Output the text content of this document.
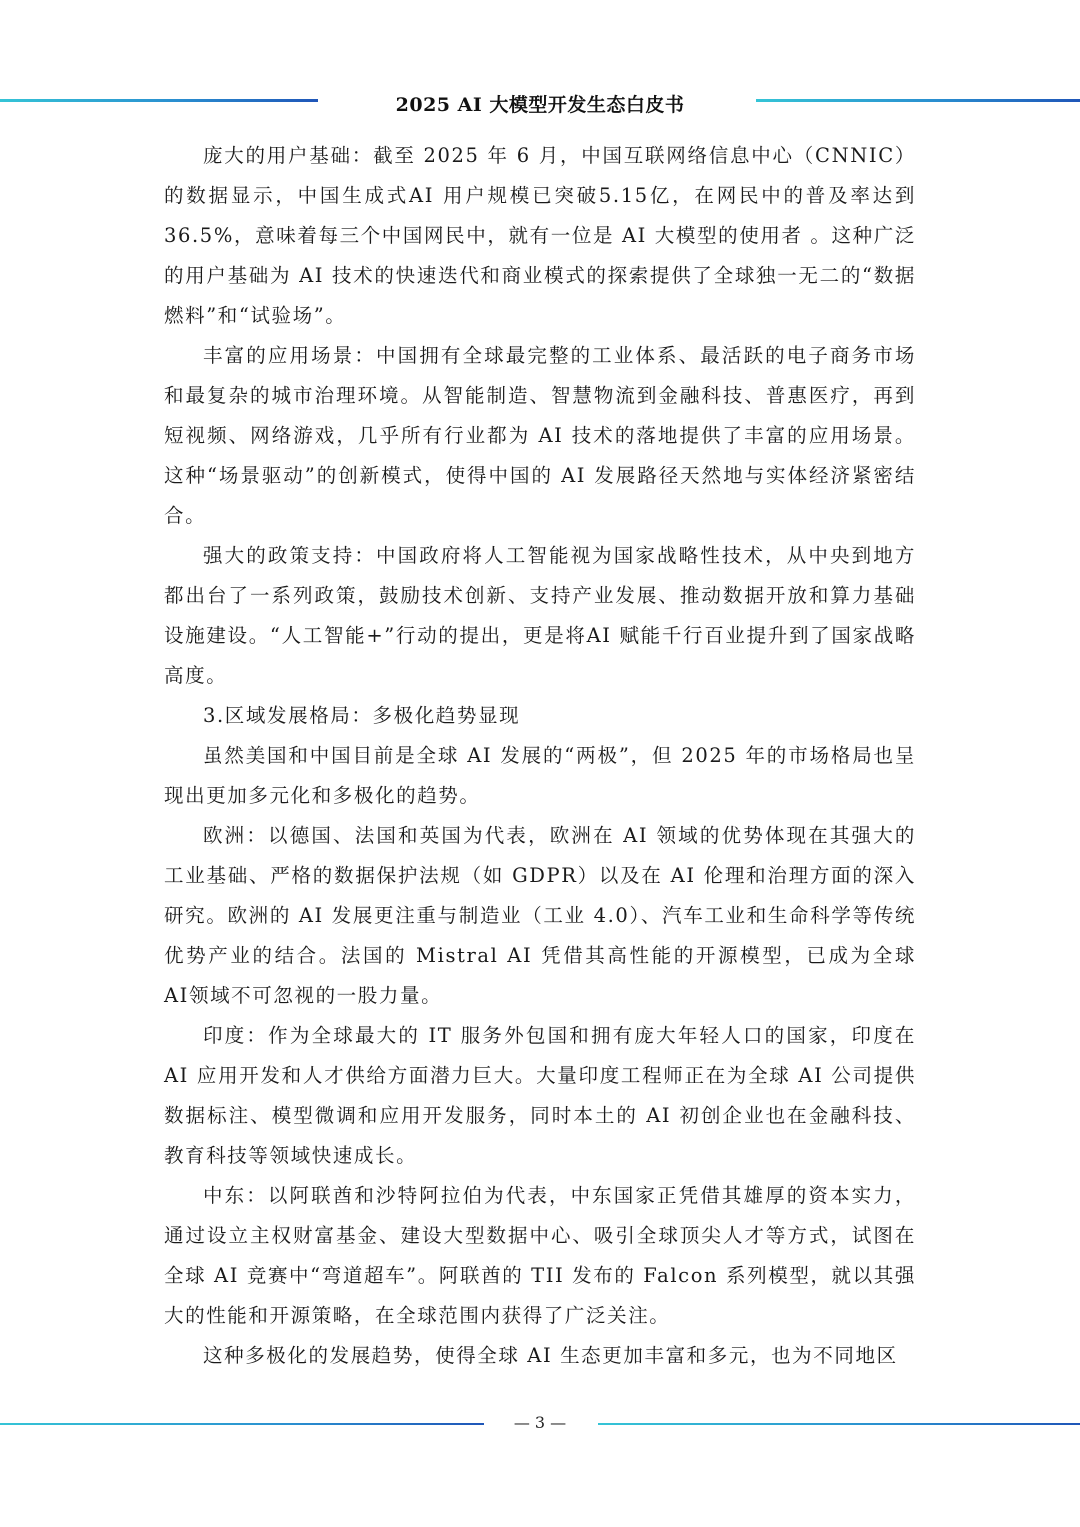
2025 AI 大模型开发生态白皮书

庞大的用户基础：截至 2025 年 6 月，中国互联网络信息中心（CNNIC）的数据显示，中国生成式AI 用户规模已突破5.15亿，在网民中的普及率达到36.5%，意味着每三个中国网民中，就有一位是 AI 大模型的使用者 。这种广泛的用户基础为 AI 技术的快速迭代和商业模式的探索提供了全球独一无二的“数据燃料”和“试验场”。

丰富的应用场景：中国拥有全球最完整的工业体系、最活跃的电子商务市场和最复杂的城市治理环境。从智能制造、智慧物流到金融科技、普惠医疗，再到短视频、网络游戏，几乎所有行业都为 AI 技术的落地提供了丰富的应用场景。这种“场景驱动”的创新模式，使得中国的 AI 发展路径天然地与实体经济紧密结合。

强大的政策支持：中国政府将人工智能视为国家战略性技术，从中央到地方都出台了一系列政策，鼓励技术创新、支持产业发展、推动数据开放和算力基础设施建设。“人工智能+”行动的提出，更是将AI 赋能千行百业提升到了国家战略高度。

3.区域发展格局：多极化趋势显现

虽然美国和中国目前是全球 AI 发展的“两极”，但 2025 年的市场格局也呈现出更加多元化和多极化的趋势。

欧洲：以德国、法国和英国为代表，欧洲在 AI 领域的优势体现在其强大的工业基础、严格的数据保护法规（如 GDPR）以及在 AI 伦理和治理方面的深入研究。欧洲的 AI 发展更注重与制造业（工业 4.0）、汽车工业和生命科学等传统优势产业的结合。法国的 Mistral AI 凭借其高性能的开源模型，已成为全球 AI领域不可忽视的一股力量。

印度：作为全球最大的 IT 服务外包国和拥有庞大年轻人口的国家，印度在AI 应用开发和人才供给方面潜力巨大。大量印度工程师正在为全球 AI 公司提供数据标注、模型微调和应用开发服务，同时本土的 AI 初创企业也在金融科技、教育科技等领域快速成长。

中东：以阿联酋和沙特阿拉伯为代表，中东国家正凭借其雄厚的资本实力，通过设立主权财富基金、建设大型数据中心、吸引全球顶尖人才等方式，试图在全球 AI 竞赛中“弯道超车”。阿联酋的 TII 发布的 Falcon 系列模型，就以其强大的性能和开源策略，在全球范围内获得了广泛关注。

这种多极化的发展趋势，使得全球 AI 生态更加丰富和多元，也为不同地区

— 3 —
